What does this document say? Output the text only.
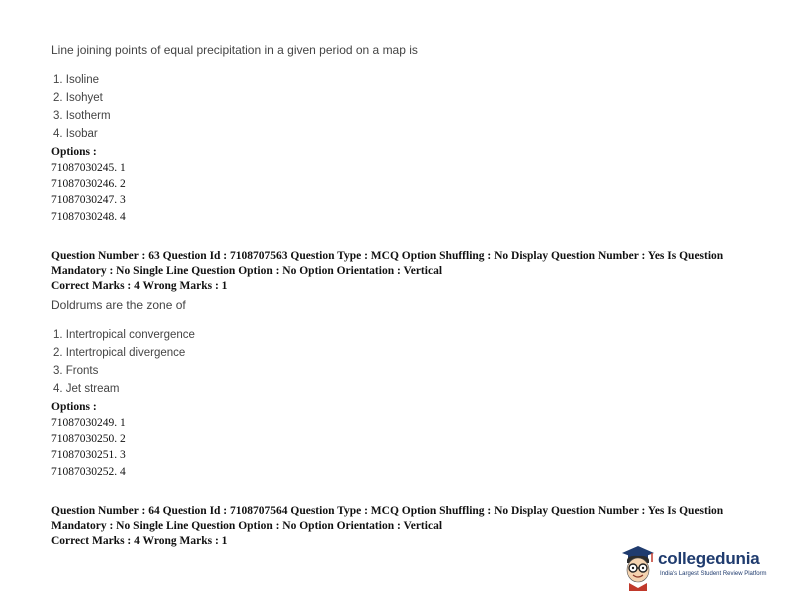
Line joining points of equal precipitation in a given period on a map is
1. Isoline
2. Isohyet
3. Isotherm
4. Isobar
Options :
71087030245. 1
71087030246. 2
71087030247. 3
71087030248. 4
Question Number : 63 Question Id : 7108707563 Question Type : MCQ Option Shuffling : No Display Question Number : Yes Is Question Mandatory : No Single Line Question Option : No Option Orientation : Vertical
Correct Marks : 4 Wrong Marks : 1
Doldrums are the zone of
1. Intertropical convergence
2. Intertropical divergence
3. Fronts
4. Jet stream
Options :
71087030249. 1
71087030250. 2
71087030251. 3
71087030252. 4
Question Number : 64 Question Id : 7108707564 Question Type : MCQ Option Shuffling : No Display Question Number : Yes Is Question Mandatory : No Single Line Question Option : No Option Orientation : Vertical
Correct Marks : 4 Wrong Marks : 1
collegedunia
India's Largest Student Review Platform
